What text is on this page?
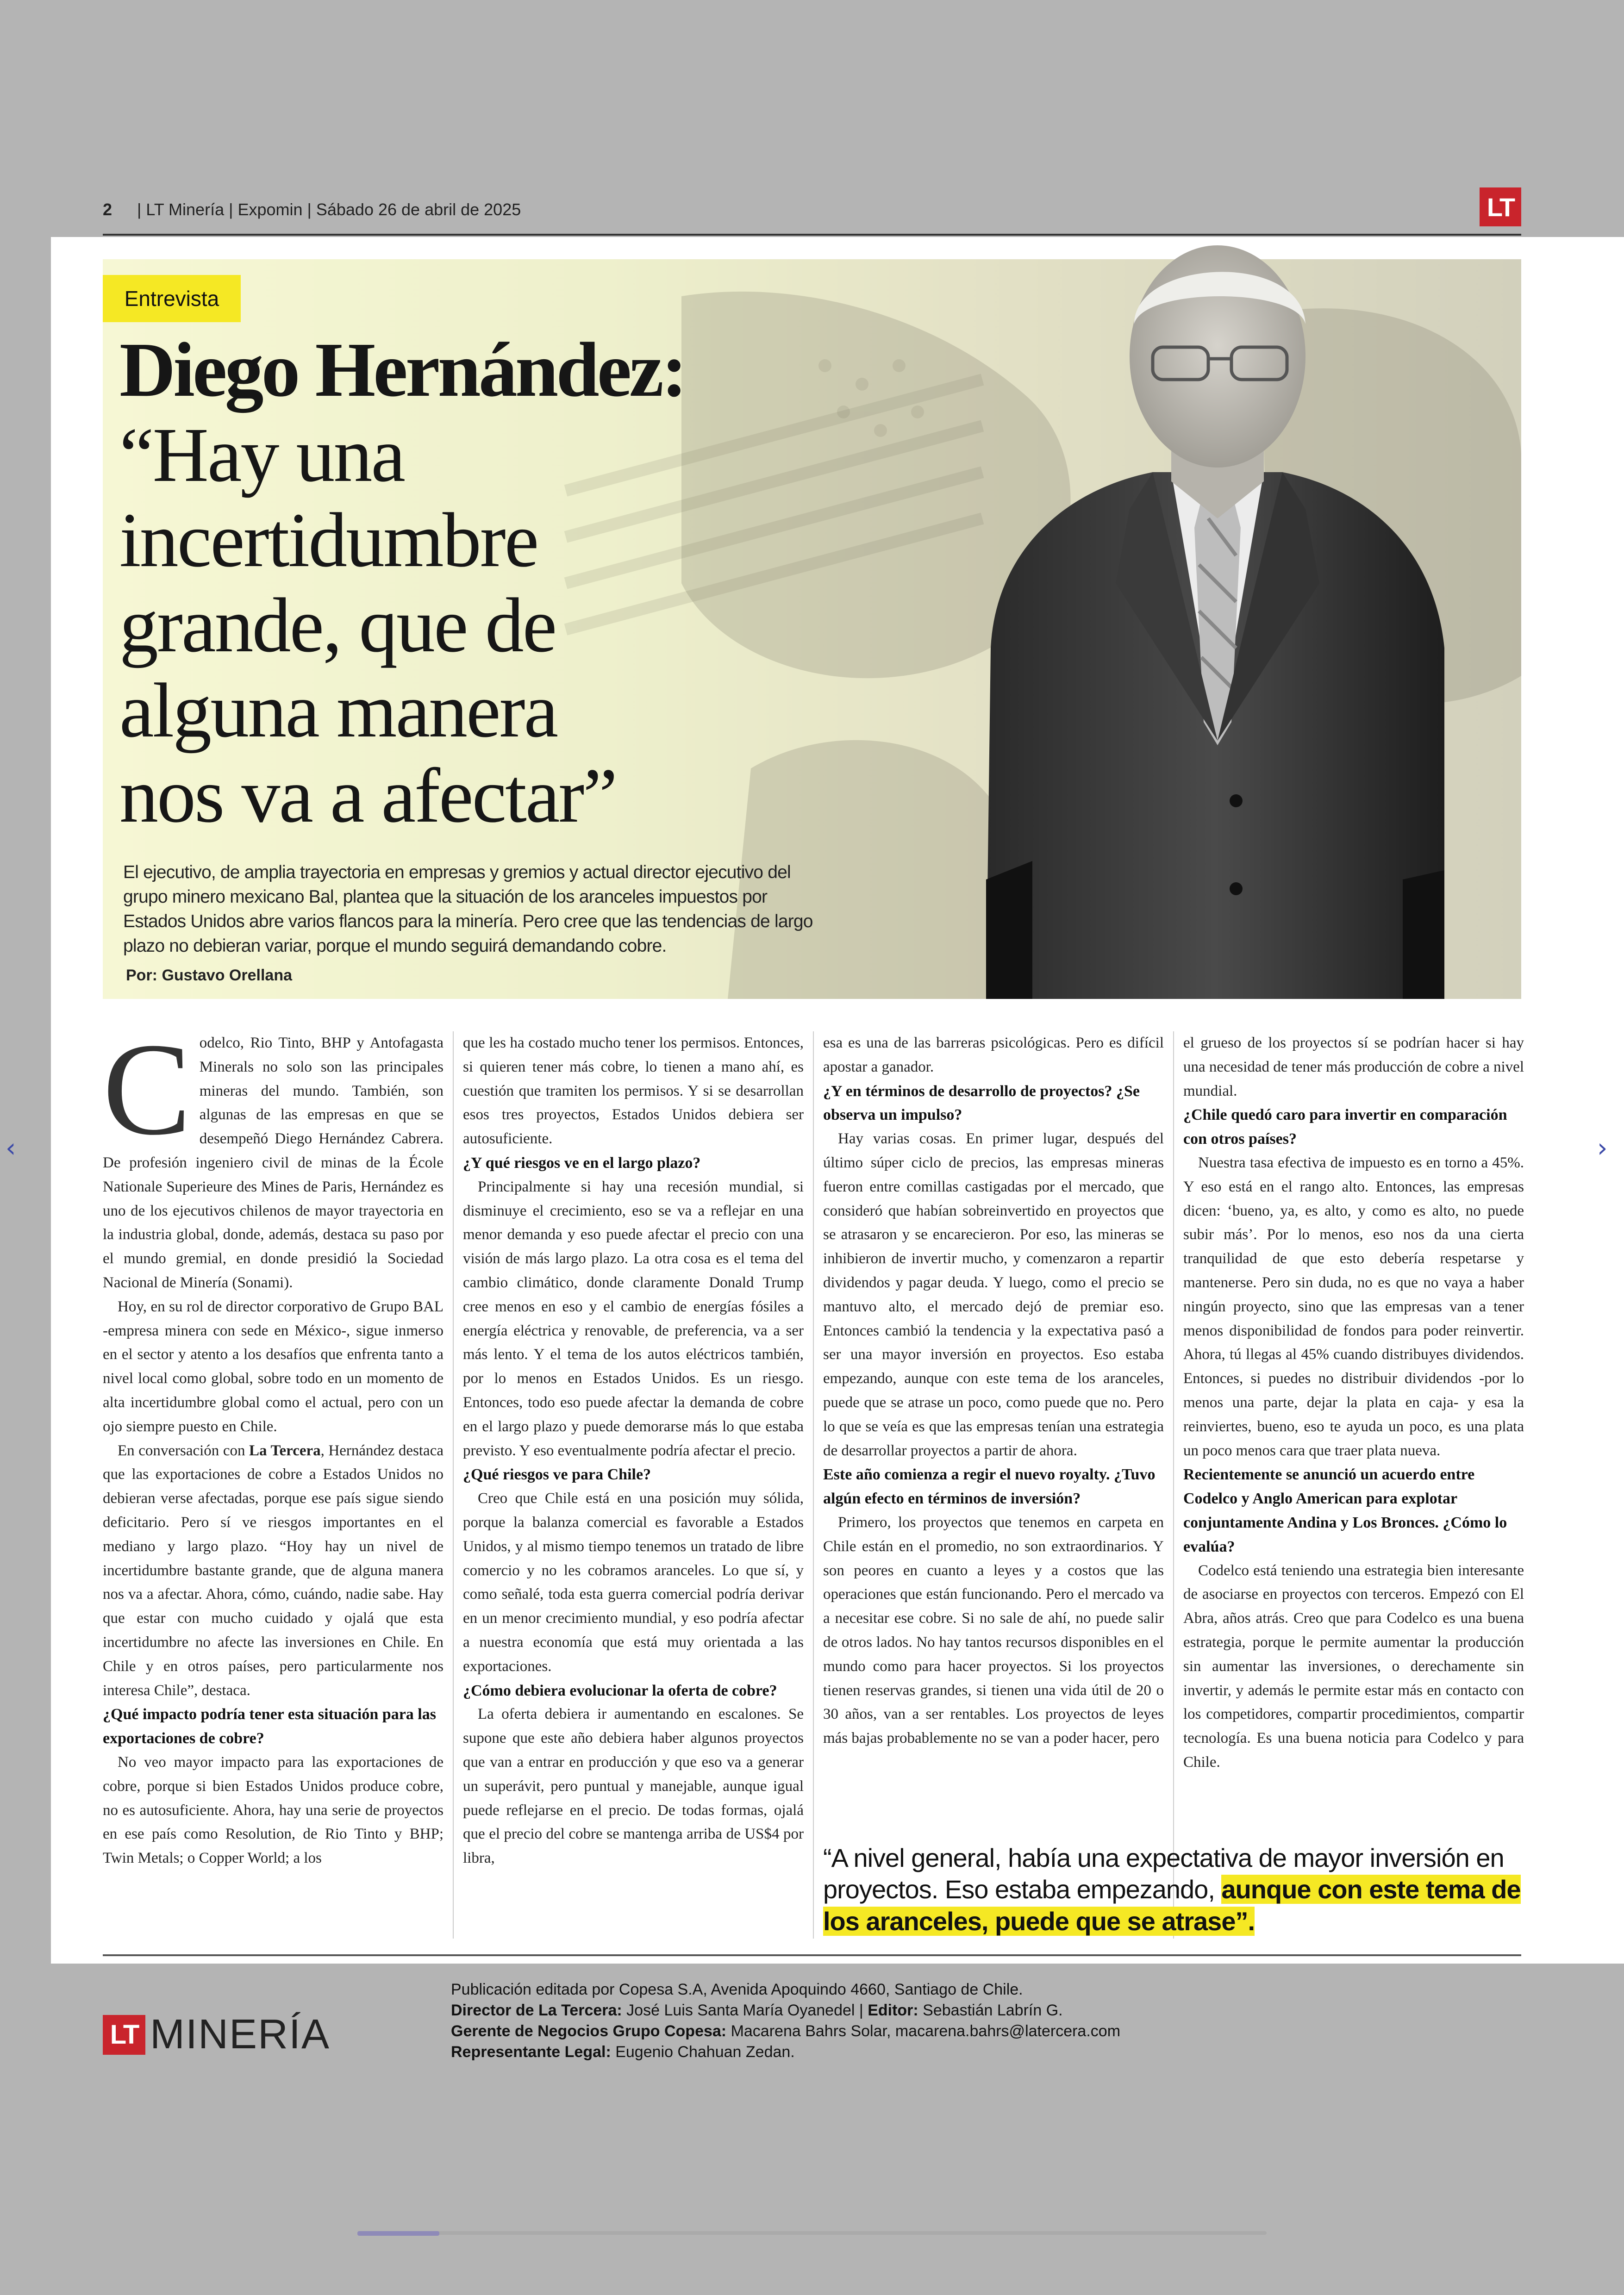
2 | LT Minería | Expomin | Sábado 26 de abril de 2025	LT
Entrevista
Diego Hernández:
“Hay una
incertidumbre
grande, que de
alguna manera
nos va a afectar”
El ejecutivo, de amplia trayectoria en empresas y gremios y actual director ejecutivo del grupo minero mexicano Bal, plantea que la situación de los aranceles impuestos por Estados Unidos abre varios flancos para la minería. Pero cree que las tendencias de largo plazo no debieran variar, porque el mundo seguirá demandando cobre.
Por: Gustavo Orellana
C odelco, Rio Tinto, BHP y Antofagasta Minerals no solo son las principales mineras del mundo. También, son algunas de las empresas en que se desempeñó Diego Hernández Cabrera. De profesión ingeniero civil de minas de la École Nationale Superieure des Mines de Paris, Hernández es uno de los ejecutivos chilenos de mayor trayectoria en la industria global, donde, además, destaca su paso por el mundo gremial, en donde presidió la Sociedad Nacional de Minería (Sonami).

Hoy, en su rol de director corporativo de Grupo BAL -empresa minera con sede en México-, sigue inmerso en el sector y atento a los desafíos que enfrenta tanto a nivel local como global, sobre todo en un momento de alta incertidumbre global como el actual, pero con un ojo siempre puesto en Chile.

En conversación con La Tercera, Hernández destaca que las exportaciones de cobre a Estados Unidos no debieran verse afectadas, porque ese país sigue siendo deficitario. Pero sí ve riesgos importantes en el mediano y largo plazo. “Hoy hay un nivel de incertidumbre bastante grande, que de alguna manera nos va a afectar. Ahora, cómo, cuándo, nadie sabe. Hay que estar con mucho cuidado y ojalá que esta incertidumbre no afecte las inversiones en Chile. En Chile y en otros países, pero particularmente nos interesa Chile”, destaca.

¿Qué impacto podría tener esta situación para las exportaciones de cobre?

No veo mayor impacto para las exportaciones de cobre, porque si bien Estados Unidos produce cobre, no es autosuficiente. Ahora, hay una serie de proyectos en ese país como Resolution, de Rio Tinto y BHP; Twin Metals; o Copper World; a los

que les ha costado mucho tener los permisos. Entonces, si quieren tener más cobre, lo tienen a mano ahí, es cuestión que tramiten los permisos. Y si se desarrollan esos tres proyectos, Estados Unidos debiera ser autosuficiente.

¿Y qué riesgos ve en el largo plazo?

Principalmente si hay una recesión mundial, si disminuye el crecimiento, eso se va a reflejar en una menor demanda y eso puede afectar el precio con una visión de más largo plazo. La otra cosa es el tema del cambio climático, donde claramente Donald Trump cree menos en eso y el cambio de energías fósiles a energía eléctrica y renovable, de preferencia, va a ser más lento. Y el tema de los autos eléctricos también, por lo menos en Estados Unidos. Es un riesgo. Entonces, todo eso puede afectar la demanda de cobre en el largo plazo y puede demorarse más lo que estaba previsto. Y eso eventualmente podría afectar el precio.

¿Qué riesgos ve para Chile?

Creo que Chile está en una posición muy sólida, porque la balanza comercial es favorable a Estados Unidos, y al mismo tiempo tenemos un tratado de libre comercio y no les cobramos aranceles. Lo que sí, y como señalé, toda esta guerra comercial podría derivar en un menor crecimiento mundial, y eso podría afectar a nuestra economía que está muy orientada a las exportaciones.

¿Cómo debiera evolucionar la oferta de cobre?

La oferta debiera ir aumentando en escalones. Se supone que este año debiera haber algunos proyectos que van a entrar en producción y que eso va a generar un superávit, pero puntual y manejable, aunque igual puede reflejarse en el precio. De todas formas, ojalá que el precio del cobre se mantenga arriba de US$4 por libra,

esa es una de las barreras psicológicas. Pero es difícil apostar a ganador.

¿Y en términos de desarrollo de proyectos? ¿Se observa un impulso?

Hay varias cosas. En primer lugar, después del último súper ciclo de precios, las empresas mineras fueron entre comillas castigadas por el mercado, que consideró que habían sobreinvertido en proyectos que se atrasaron y se encarecieron. Por eso, las mineras se inhibieron de invertir mucho, y comenzaron a repartir dividendos y pagar deuda. Y luego, como el precio se mantuvo alto, el mercado dejó de premiar eso. Entonces cambió la tendencia y la expectativa pasó a ser una mayor inversión en proyectos. Eso estaba empezando, aunque con este tema de los aranceles, puede que se atrase un poco, como puede que no. Pero lo que se veía es que las empresas tenían una estrategia de desarrollar proyectos a partir de ahora.

Este año comienza a regir el nuevo royalty. ¿Tuvo algún efecto en términos de inversión?

Primero, los proyectos que tenemos en carpeta en Chile están en el promedio, no son extraordinarios. Y son peores en cuanto a leyes y a costos que las operaciones que están funcionando. Pero el mercado va a necesitar ese cobre. Si no sale de ahí, no puede salir de otros lados. No hay tantos recursos disponibles en el mundo como para hacer proyectos. Si los proyectos tienen reservas grandes, si tienen una vida útil de 20 o 30 años, van a ser rentables. Los proyectos de leyes más bajas probablemente no se van a poder hacer, pero

el grueso de los proyectos sí se podrían hacer si hay una necesidad de tener más producción de cobre a nivel mundial.

¿Chile quedó caro para invertir en comparación con otros países?

Nuestra tasa efectiva de impuesto es en torno a 45%. Y eso está en el rango alto. Entonces, las empresas dicen: ‘bueno, ya, es alto, y como es alto, no puede subir más’. Por lo menos, eso nos da una cierta tranquilidad de que esto debería respetarse y mantenerse. Pero sin duda, no es que no vaya a haber ningún proyecto, sino que las empresas van a tener menos disponibilidad de fondos para poder reinvertir. Ahora, tú llegas al 45% cuando distribuyes dividendos. Entonces, si puedes no distribuir dividendos -por lo menos una parte, dejar la plata en caja- y esa la reinviertes, bueno, eso te ayuda un poco, es una plata un poco menos cara que traer plata nueva.

Recientemente se anunció un acuerdo entre Codelco y Anglo American para explotar conjuntamente Andina y Los Bronces. ¿Cómo lo evalúa?

Codelco está teniendo una estrategia bien interesante de asociarse en proyectos con terceros. Empezó con El Abra, años atrás. Creo que para Codelco es una buena estrategia, porque le permite aumentar la producción sin aumentar las inversiones, o derechamente sin invertir, y además le permite estar más en contacto con los competidores, compartir procedimientos, compartir tecnología. Es una buena noticia para Codelco y para Chile.

“A nivel general, había una expectativa de mayor inversión en proyectos. Eso estaba empezando, aunque con este tema de los aranceles, puede que se atrase”.
LT MINERÍA
Publicación editada por Copesa S.A, Avenida Apoquindo 4660, Santiago de Chile.
Director de La Tercera: José Luis Santa María Oyanedel | Editor: Sebastián Labrín G.
Gerente de Negocios Grupo Copesa: Macarena Bahrs Solar, macarena.bahrs@latercera.com
Representante Legal: Eugenio Chahuan Zedan.
‹	›
